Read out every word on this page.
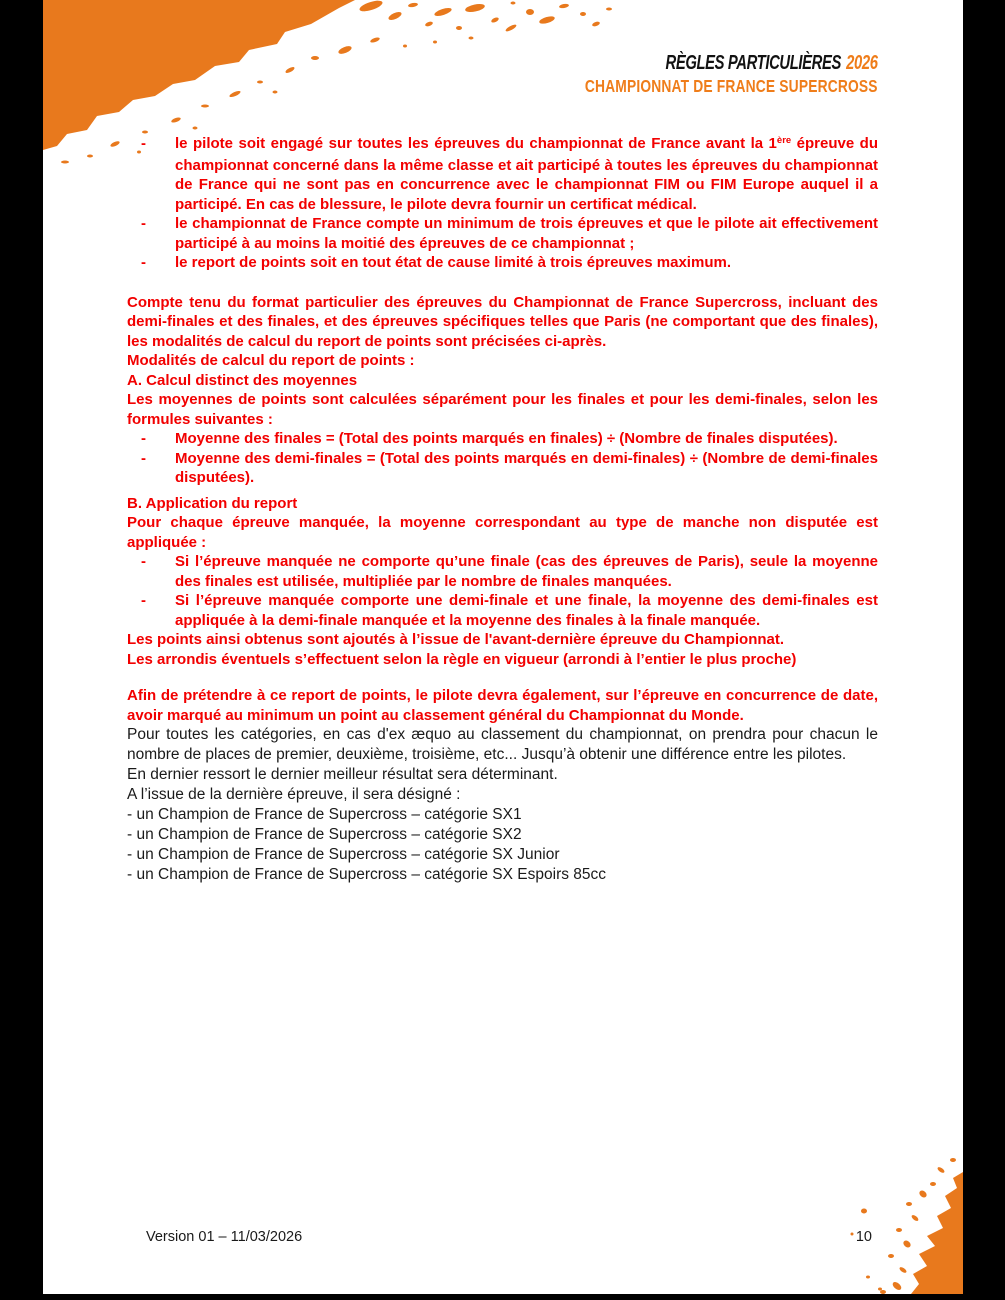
RÈGLES PARTICULIÈRES 2026
CHAMPIONNAT DE FRANCE SUPERCROSS
- le pilote soit engagé sur toutes les épreuves du championnat de France avant la 1ère épreuve du championnat concerné dans la même classe et ait participé à toutes les épreuves du championnat de France qui ne sont pas en concurrence avec le championnat FIM ou FIM Europe auquel il a participé. En cas de blessure, le pilote devra fournir un certificat médical.
- le championnat de France compte un minimum de trois épreuves et que le pilote ait effectivement participé à au moins la moitié des épreuves de ce championnat ;
- le report de points soit en tout état de cause limité à trois épreuves maximum.

Compte tenu du format particulier des épreuves du Championnat de France Supercross, incluant des demi-finales et des finales, et des épreuves spécifiques telles que Paris (ne comportant que des finales), les modalités de calcul du report de points sont précisées ci-après.

Modalités de calcul du report de points :

A. Calcul distinct des moyennes

Les moyennes de points sont calculées séparément pour les finales et pour les demi-finales, selon les formules suivantes :

- Moyenne des finales = (Total des points marqués en finales) ÷ (Nombre de finales disputées).
- Moyenne des demi-finales = (Total des points marqués en demi-finales) ÷ (Nombre de demi-finales disputées).

B. Application du report

Pour chaque épreuve manquée, la moyenne correspondant au type de manche non disputée est appliquée :

- Si l’épreuve manquée ne comporte qu’une finale (cas des épreuves de Paris), seule la moyenne des finales est utilisée, multipliée par le nombre de finales manquées.
- Si l’épreuve manquée comporte une demi-finale et une finale, la moyenne des demi-finales est appliquée à la demi-finale manquée et la moyenne des finales à la finale manquée.

Les points ainsi obtenus sont ajoutés à l’issue de l'avant-dernière épreuve du Championnat.

Les arrondis éventuels s’effectuent selon la règle en vigueur (arrondi à l’entier le plus proche)

Afin de prétendre à ce report de points, le pilote devra également, sur l’épreuve en concurrence de date, avoir marqué au minimum un point au classement général du Championnat du Monde.

Pour toutes les catégories, en cas d'ex æquo au classement du championnat, on prendra pour chacun le nombre de places de premier, deuxième, troisième, etc... Jusqu’à obtenir une différence entre les pilotes.

En dernier ressort le dernier meilleur résultat sera déterminant.

A l’issue de la dernière épreuve, il sera désigné :

- un Champion de France de Supercross – catégorie SX1

- un Champion de France de Supercross – catégorie SX2

- un Champion de France de Supercross – catégorie SX Junior

- un Champion de France de Supercross – catégorie SX Espoirs 85cc

Version 01 – 11/03/2026	10
